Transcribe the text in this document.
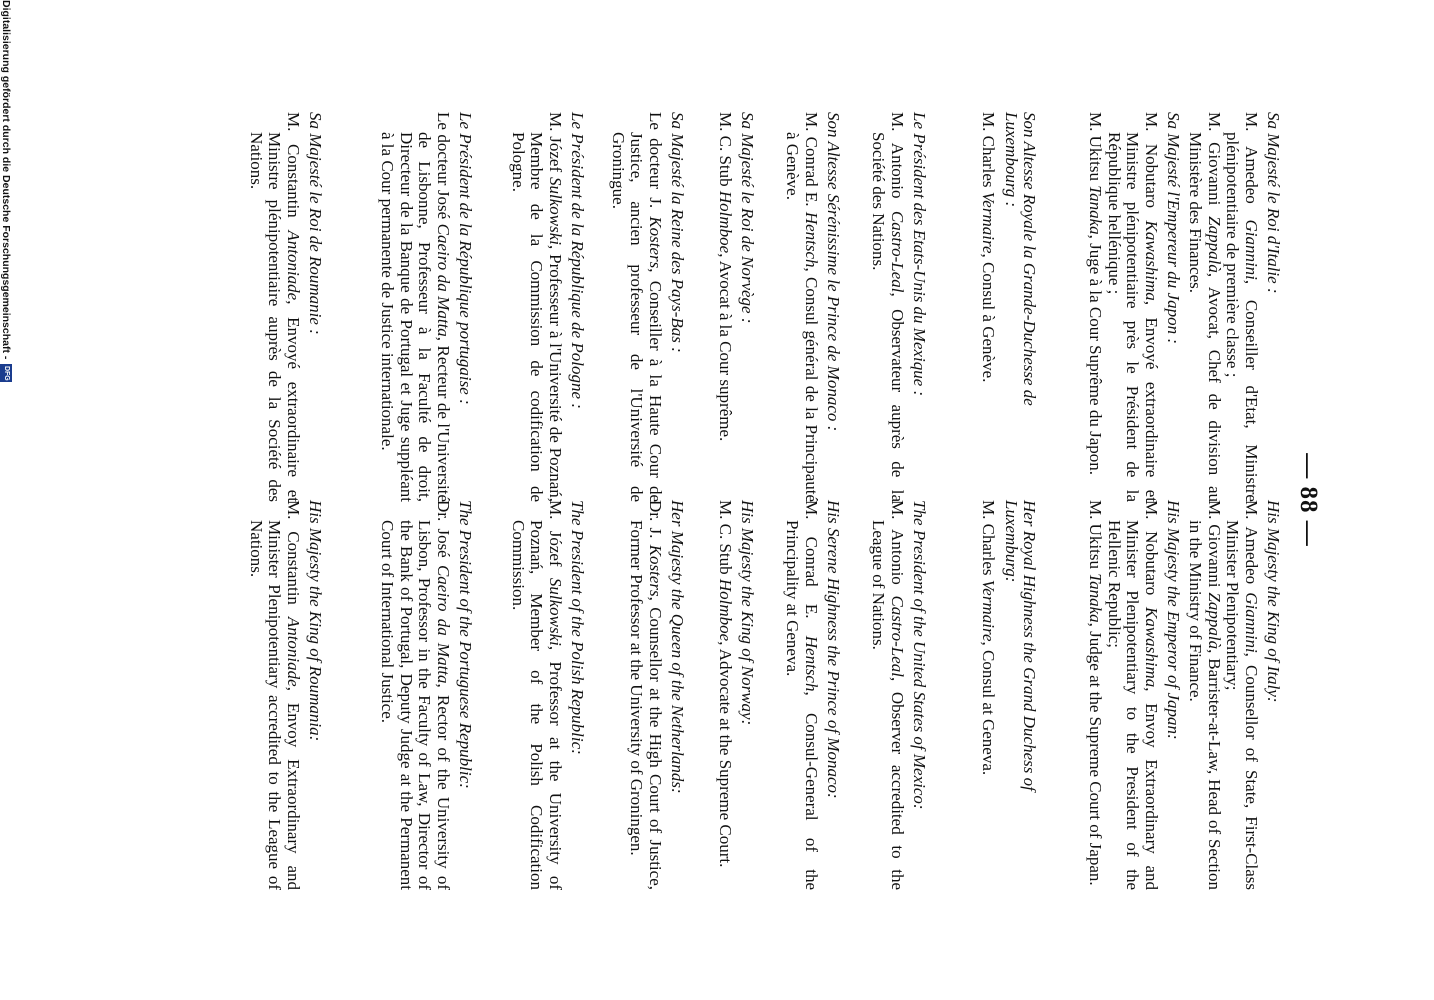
— 88 —
Sa Majesté le Roi d'Italie :
M. Amedeo Giannini, Conseiller d'Etat, Ministre plénipotentiaire de première classe ;
M. Giovanni Zappalà, Avocat, Chef de division au Ministère des Finances.
Sa Majesté l'Empereur du Japon :
M. Nobutaro Kawashima, Envoyé extraordinaire et Ministre plénipotentiaire près le Président de la République hellénique ;
M. Ukitsu Tanaka, Juge à la Cour Suprême du Japon.
Son Altesse Royale la Grande-Duchesse de
Luxembourg :
M. Charles Vermaire, Consul à Genève.
Le Président des Etats-Unis du Mexique :
M. Antonio Castro-Leal, Observateur auprès de la Société des Nations.
Son Altesse Sérénissime le Prince de Monaco :
M. Conrad E. Hentsch, Consul général de la Principauté à Genève.
Sa Majesté le Roi de Norvège :
M. C. Stub Holmboe, Avocat à la Cour suprême.
Sa Majesté la Reine des Pays-Bas :
Le docteur J. Kosters, Conseiller à la Haute Cour de Justice, ancien professeur de l'Université de Groningue.
Le Président de la République de Pologne :
M. Józef Sulkowski, Professeur à l'Université de Poznań, Membre de la Commission de codification de Pologne.
Le Président de la République portugaise :
Le docteur José Caeiro da Matta, Recteur de l'Université de Lisbonne, Professeur à la Faculté de droit, Directeur de la Banque de Portugal et Juge suppléant à la Cour permanente de Justice internationale.
Sa Majesté le Roi de Roumanie :
M. Constantin Antoniade, Envoyé extraordinaire et Ministre plénipotentiaire auprès de la Société des Nations.
His Majesty the King of Italy:
M. Amedeo Giannini, Counsellor of State, First-Class Minister Plenipotentiary;
M. Giovanni Zappalà, Barrister-at-Law, Head of Section in the Ministry of Finance.
His Majesty the Emperor of Japan:
M. Nobutaro Kawashima, Envoy Extraordinary and Minister Plenipotentiary to the President of the Hellenic Republic;
M. Ukitsu Tanaka, Judge at the Supreme Court of Japan.
Her Royal Highness the Grand Duchess of
Luxemburg:
M. Charles Vermaire, Consul at Geneva.
The President of the United States of Mexico:
M. Antonio Castro-Leal, Observer accredited to the League of Nations.
His Serene Highness the Prince of Monaco:
M. Conrad E. Hentsch, Consul-General of the Principality at Geneva.
His Majesty the King of Norway:
M. C. Stub Holmboe, Advocate at the Supreme Court.
Her Majesty the Queen of the Netherlands:
Dr. J. Kosters, Counsellor at the High Court of Justice, Former Professor at the University of Groningen.
The President of the Polish Republic:
M. Józef Sulkowski, Professor at the University of Poznań, Member of the Polish Codification Commission.
The President of the Portuguese Republic:
Dr. José Caeiro da Matta, Rector of the University of Lisbon, Professor in the Faculty of Law, Director of the Bank of Portugal, Deputy Judge at the Permanent Court of International Justice.
His Majesty the King of Roumania:
M. Constantin Antoniade, Envoy Extraordinary and Minister Plenipotentiary accredited to the League of Nations.
Digitalisierung gefördert durch die Deutsche Forschungsgemeinschaft - DFG
